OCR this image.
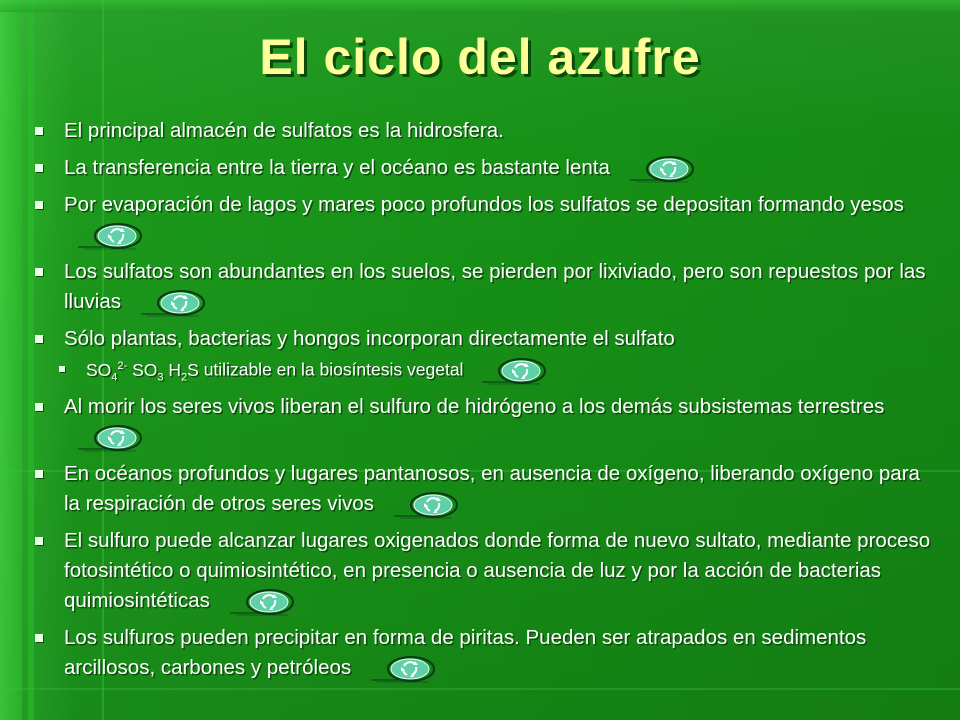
El ciclo del azufre
El principal almacén de sulfatos es la hidrosfera.
La transferencia entre la tierra y el océano es bastante lenta
Por evaporación de lagos y mares poco profundos los sulfatos se depositan formando yesos
Los sulfatos son abundantes en los suelos, se pierden por lixiviado, pero son repuestos por las lluvias
Sólo plantas, bacterias y hongos incorporan directamente el sulfato
$SO_4^{2-}$ $SO_3$ $H_2S$ utilizable en la biosíntesis vegetal
Al morir los seres vivos liberan el sulfuro de hidrógeno a los demás subsistemas terrestres
En océanos profundos y lugares pantanosos, en ausencia de oxígeno, liberando oxígeno para la respiración de otros seres vivos
El sulfuro puede alcanzar lugares oxigenados donde forma de nuevo sultato, mediante proceso fotosintético o quimiosintético, en presencia o ausencia de luz y por la acción de bacterias quimiosintéticas
Los sulfuros pueden precipitar en forma de piritas. Pueden ser atrapados en sedimentos arcillosos, carbones y petróleos
